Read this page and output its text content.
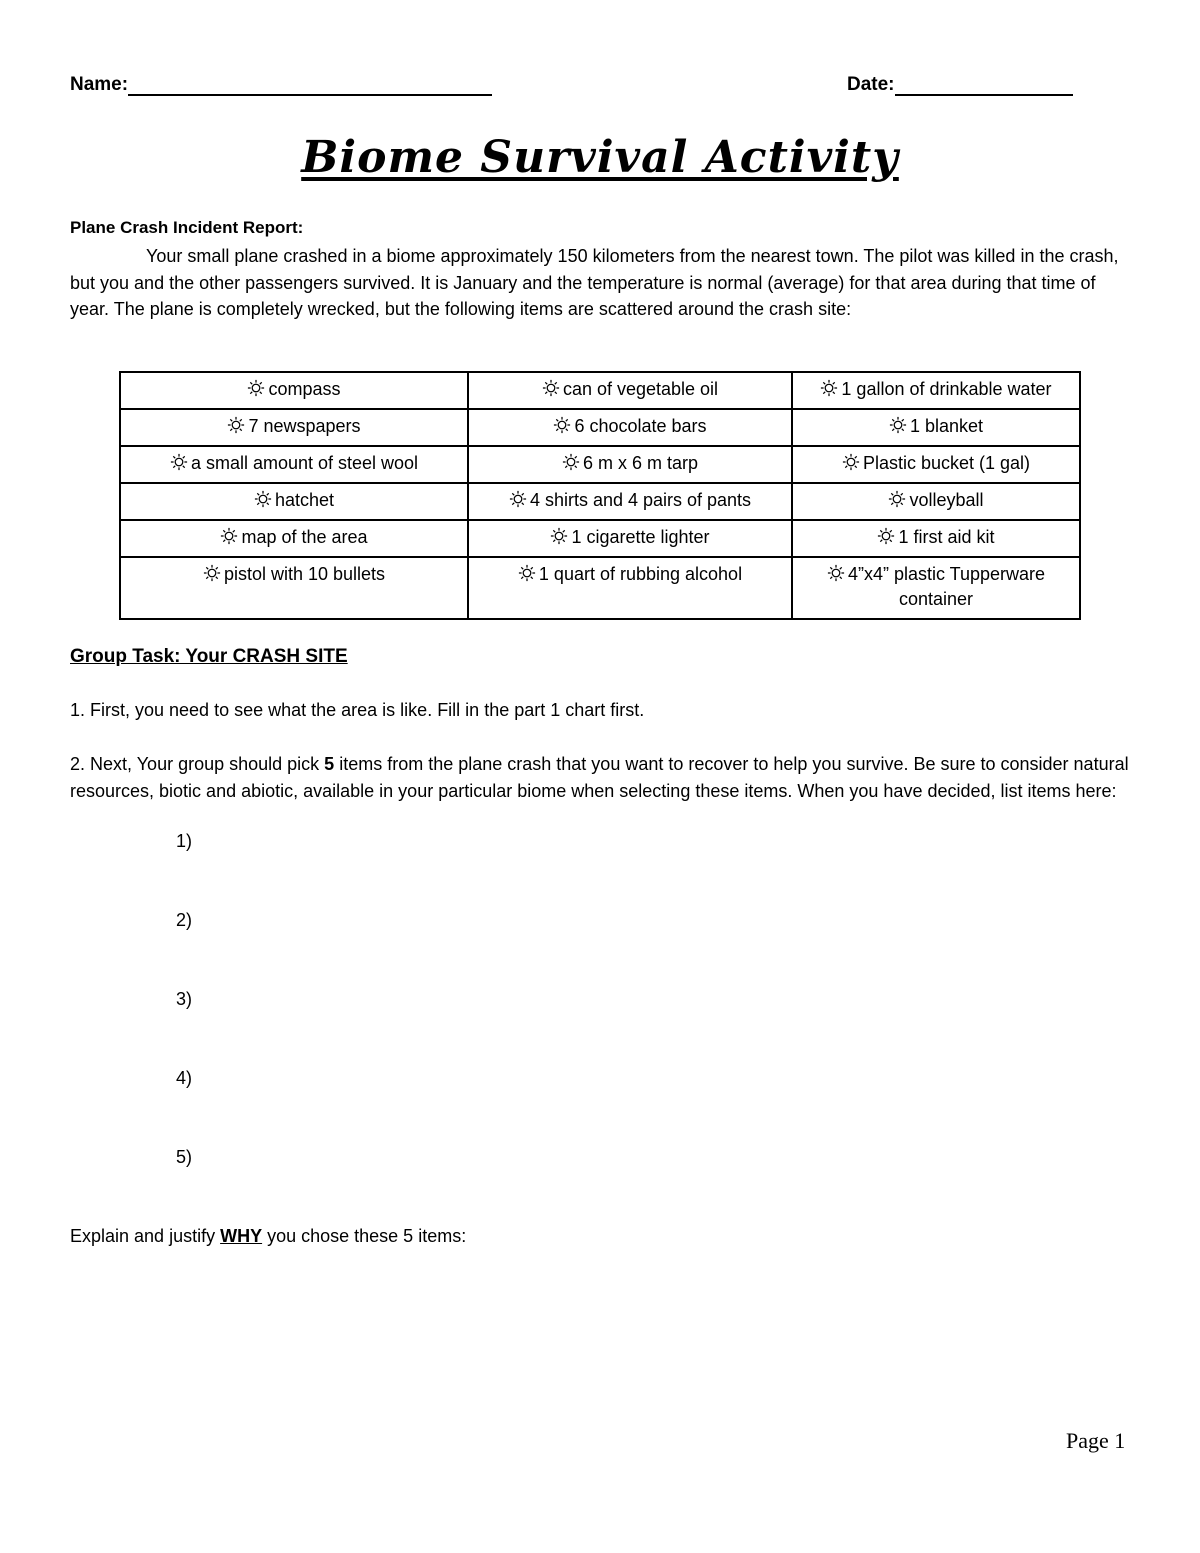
Name:	Date:
Biome Survival Activity
Plane Crash Incident Report:
Your small plane crashed in a biome approximately 150 kilometers from the nearest town. The pilot was killed in the crash, but you and the other passengers survived. It is January and the temperature is normal (average) for that area during that time of year. The plane is completely wrecked, but the following items are scattered around the crash site:
compass	can of vegetable oil	1 gallon of drinkable water
7 newspapers	6 chocolate bars	1 blanket
a small amount of steel wool	6 m x 6 m tarp	Plastic bucket (1 gal)
hatchet	4 shirts and 4 pairs of pants	volleyball
map of the area	1 cigarette lighter	1 first aid kit
pistol with 10 bullets	1 quart of rubbing alcohol	4”x4” plastic Tupperware container
Group Task: Your CRASH SITE
1. First, you need to see what the area is like. Fill in the part 1 chart first.
2. Next, Your group should pick 5 items from the plane crash that you want to recover to help you survive. Be sure to consider natural resources, biotic and abiotic, available in your particular biome when selecting these items. When you have decided, list items here:
1)
2)
3)
4)
5)
Explain and justify WHY you chose these 5 items:
Page 1
